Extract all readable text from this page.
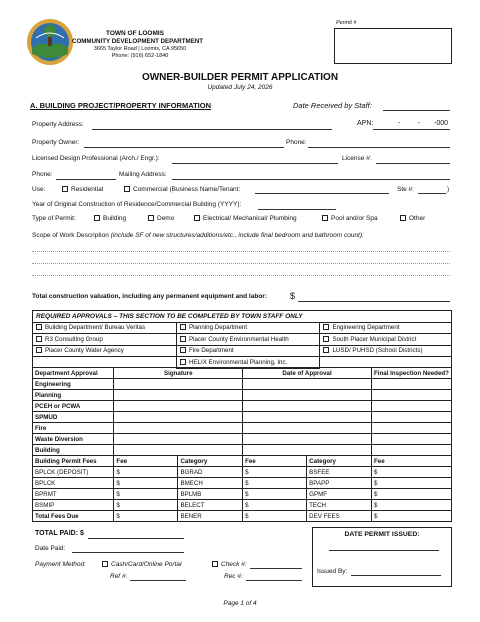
TOWN OF LOOMIS
COMMUNITY DEVELOPMENT DEPARTMENT
3665 Taylor Road | Loomis, CA 95650
Phone: (916) 652-1840
Permit #
OWNER-BUILDER PERMIT APPLICATION
Updated July 24, 2026
A. BUILDING PROJECT/PROPERTY INFORMATION	Date Received by Staff:
Property Address:	APN:	-	- -000
Property Owner:	Phone:
Licensed Design Professional (Arch./ Engr.):	License #:
Phone:	Mailing Address:
Use:	Residential	Commercial (Business Name/Tenant:	Ste #:	)
Year of Original Construction of Residence/Commercial Building (YYYY):
Type of Permit:	Building	Demo	Electrical/ Mechanical/ Plumbing	Pool and/or Spa	Other
Scope of Work Description (include SF of new structures/additions/etc., include final bedroom and bathroom count):
Total construction valuation, including any permanent equipment and labor:	$
REQUIRED APPROVALS – THIS SECTION TO BE COMPLETED BY TOWN STAFF ONLY		
Building Department/ Bureau Veritas	Planning Department	Engineering Department
R3 Consulting Group	Placer County Environmental Health	South Placer Municipal District
Placer County Water Agency	Fire Department	LUSD/ PUHSD (School Districts)
	HELIX Environmental Planning, Inc.	
Department Approval	Signature		Date of Approval		Final Inspection Needed?
Engineering					
Planning					
PCEH or PCWA					
SPMUD					
Fire					
Waste Diversion					
Building					
Building Permit Fees	Fee	Category	Fee	Category	Fee
BPLCK (DEPOSIT)	$	BGRAD	$	BSFEE	$
BPLCK	$	BMECH	$	BPAPP	$
BPRMT	$	BPLMB	$	GPMF	$
BSMIP	$	BELECT	$	TECH	$
Total Fees Due	$	BENER	$	DEV FEES	$
TOTAL PAID: $
Date Paid:
Payment Method:	Cash/Card/Online Portal	Check #:
Ref #:	Rec #:
DATE PERMIT ISSUED:
Issued By:
Page 1 of 4
